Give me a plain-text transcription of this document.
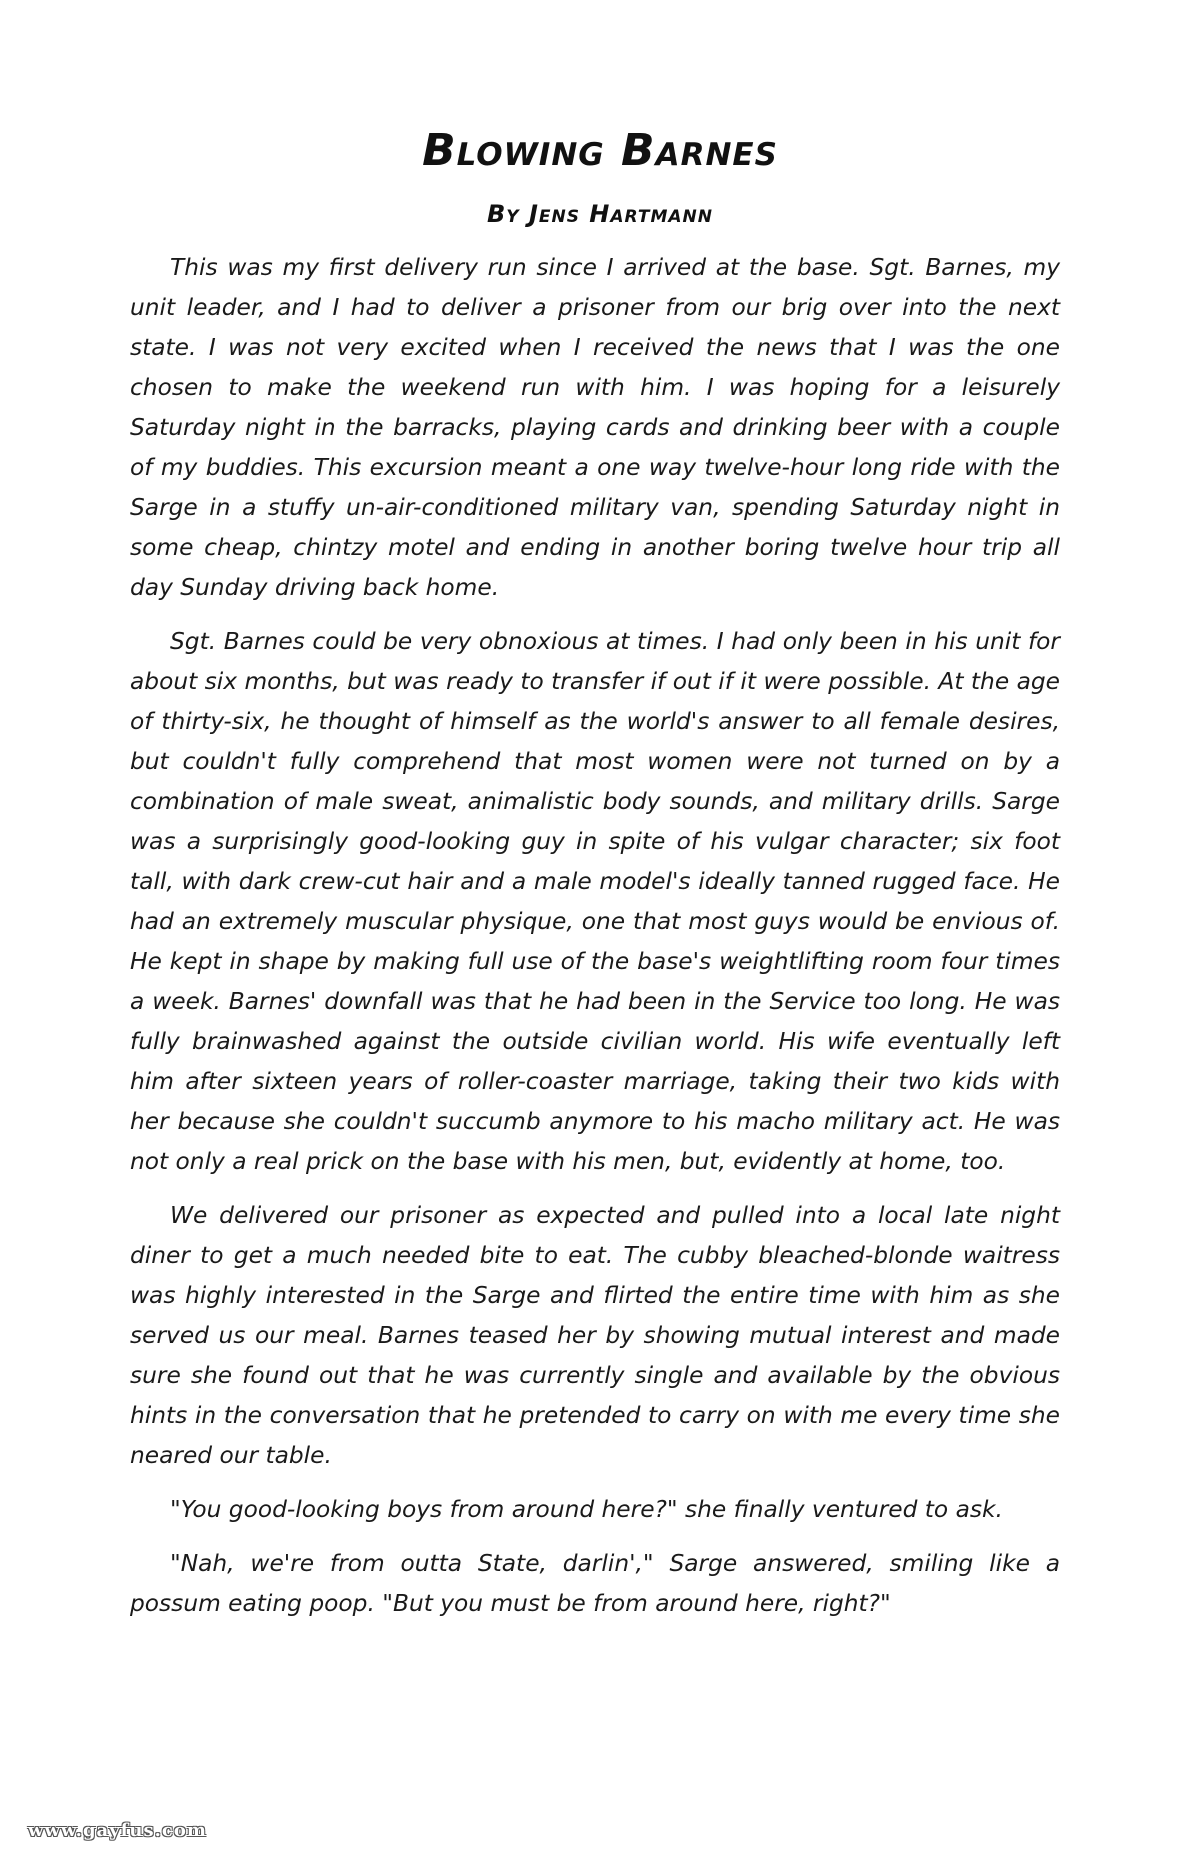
Blowing Barnes
By Jens Hartmann

This was my first delivery run since I arrived at the base. Sgt. Barnes, my unit leader, and I had to deliver a prisoner from our brig over into the next state. I was not very excited when I received the news that I was the one chosen to make the weekend run with him. I was hoping for a leisurely Saturday night in the barracks, playing cards and drinking beer with a couple of my buddies. This excursion meant a one way twelve-hour long ride with the Sarge in a stuffy un-air-conditioned military van, spending Saturday night in some cheap, chintzy motel and ending in another boring twelve hour trip all day Sunday driving back home.

Sgt. Barnes could be very obnoxious at times. I had only been in his unit for about six months, but was ready to transfer if out if it were possible. At the age of thirty-six, he thought of himself as the world's answer to all female desires, but couldn't fully comprehend that most women were not turned on by a combination of male sweat, animalistic body sounds, and military drills. Sarge was a surprisingly good-looking guy in spite of his vulgar character; six foot tall, with dark crew-cut hair and a male model's ideally tanned rugged face. He had an extremely muscular physique, one that most guys would be envious of. He kept in shape by making full use of the base's weightlifting room four times a week. Barnes' downfall was that he had been in the Service too long. He was fully brainwashed against the outside civilian world. His wife eventually left him after sixteen years of roller-coaster marriage, taking their two kids with her because she couldn't succumb anymore to his macho military act. He was not only a real prick on the base with his men, but, evidently at home, too.

We delivered our prisoner as expected and pulled into a local late night diner to get a much needed bite to eat. The cubby bleached-blonde waitress was highly interested in the Sarge and flirted the entire time with him as she served us our meal. Barnes teased her by showing mutual interest and made sure she found out that he was currently single and available by the obvious hints in the conversation that he pretended to carry on with me every time she neared our table.

"You good-looking boys from around here?" she finally ventured to ask.

"Nah, we're from outta State, darlin'," Sarge answered, smiling like a possum eating poop. "But you must be from around here, right?"

www.gayfus.com
